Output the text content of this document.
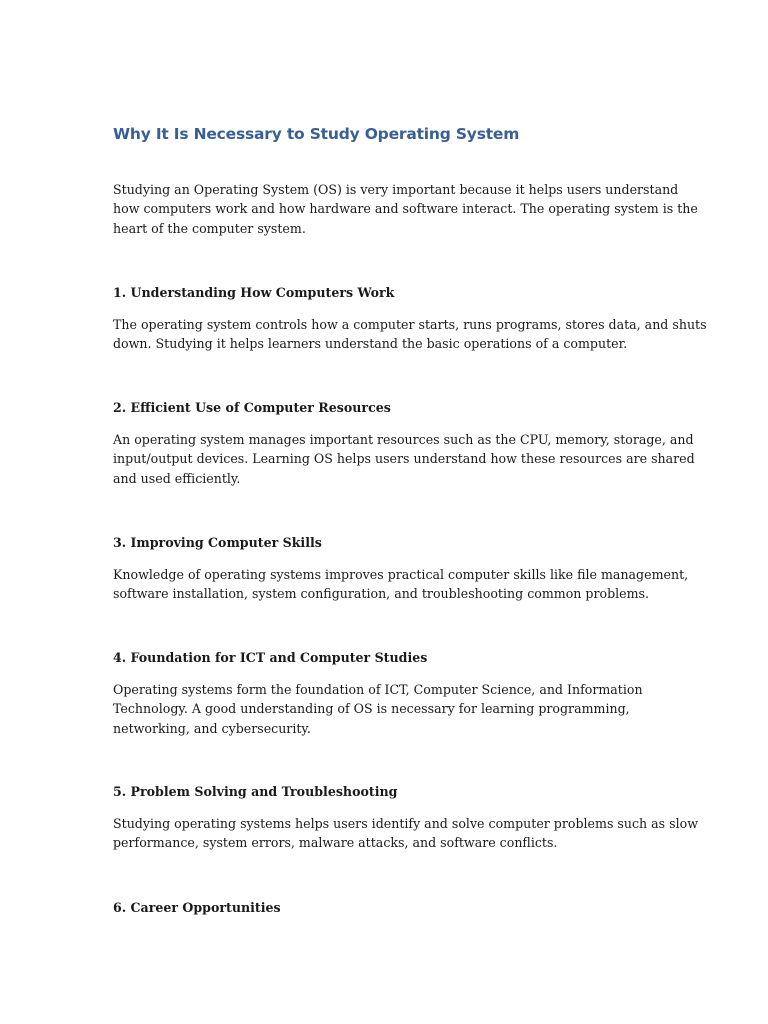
Why It Is Necessary to Study Operating System

Studying an Operating System (OS) is very important because it helps users understand
how computers work and how hardware and software interact. The operating system is the
heart of the computer system.

1. Understanding How Computers Work

The operating system controls how a computer starts, runs programs, stores data, and shuts
down. Studying it helps learners understand the basic operations of a computer.

2. Efficient Use of Computer Resources

An operating system manages important resources such as the CPU, memory, storage, and
input/output devices. Learning OS helps users understand how these resources are shared
and used efficiently.

3. Improving Computer Skills

Knowledge of operating systems improves practical computer skills like file management,
software installation, system configuration, and troubleshooting common problems.

4. Foundation for ICT and Computer Studies

Operating systems form the foundation of ICT, Computer Science, and Information
Technology. A good understanding of OS is necessary for learning programming,
networking, and cybersecurity.

5. Problem Solving and Troubleshooting

Studying operating systems helps users identify and solve computer problems such as slow
performance, system errors, malware attacks, and software conflicts.

6. Career Opportunities
